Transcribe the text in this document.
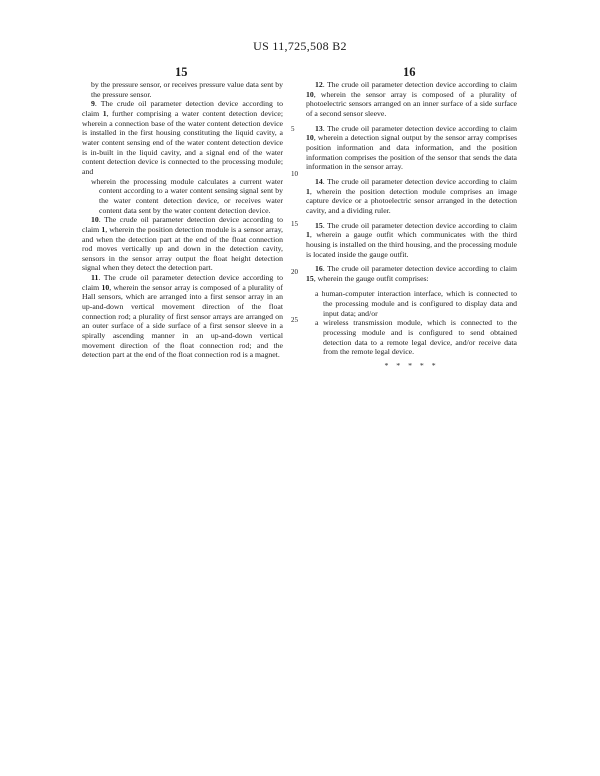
US 11,725,508 B2
15	16
5
10
15
20
25

by the pressure sensor, or receives pressure value data sent by the pressure sensor.

9. The crude oil parameter detection device according to claim 1, further comprising a water content detection device; wherein a connection base of the water content detection device is installed in the first housing constituting the liquid cavity, a water content sensing end of the water content detection device is in-built in the liquid cavity, and a signal end of the water content detection device is connected to the processing module; and

wherein the processing module calculates a current water content according to a water content sensing signal sent by the water content detection device, or receives water content data sent by the water content detection device.

10. The crude oil parameter detection device according to claim 1, wherein the position detection module is a sensor array, and when the detection part at the end of the float connection rod moves vertically up and down in the detection cavity, sensors in the sensor array output the float height detection signal when they detect the detection part.

11. The crude oil parameter detection device according to claim 10, wherein the sensor array is composed of a plurality of Hall sensors, which are arranged into a first sensor array in an up-and-down vertical movement direction of the float connection rod; a plurality of first sensor arrays are arranged on an outer surface of a side surface of a first sensor sleeve in a spirally ascending manner in an up-and-down vertical movement direction of the float connection rod; and the detection part at the end of the float connection rod is a magnet.

12. The crude oil parameter detection device according to claim 10, wherein the sensor array is composed of a plurality of photoelectric sensors arranged on an inner surface of a side surface of a second sensor sleeve.

13. The crude oil parameter detection device according to claim 10, wherein a detection signal output by the sensor array comprises position information and data information, and the position information comprises the position of the sensor that sends the data information in the sensor array.

14. The crude oil parameter detection device according to claim 1, wherein the position detection module comprises an image capture device or a photoelectric sensor arranged in the detection cavity, and a dividing ruler.

15. The crude oil parameter detection device according to claim 1, wherein a gauge outfit which communicates with the third housing is installed on the third housing, and the processing module is located inside the gauge outfit.

16. The crude oil parameter detection device according to claim 15, wherein the gauge outfit comprises:

a human-computer interaction interface, which is connected to the processing module and is configured to display data and input data; and/or

a wireless transmission module, which is connected to the processing module and is configured to send obtained detection data to a remote legal device, and/or receive data from the remote legal device.

* * * * *
